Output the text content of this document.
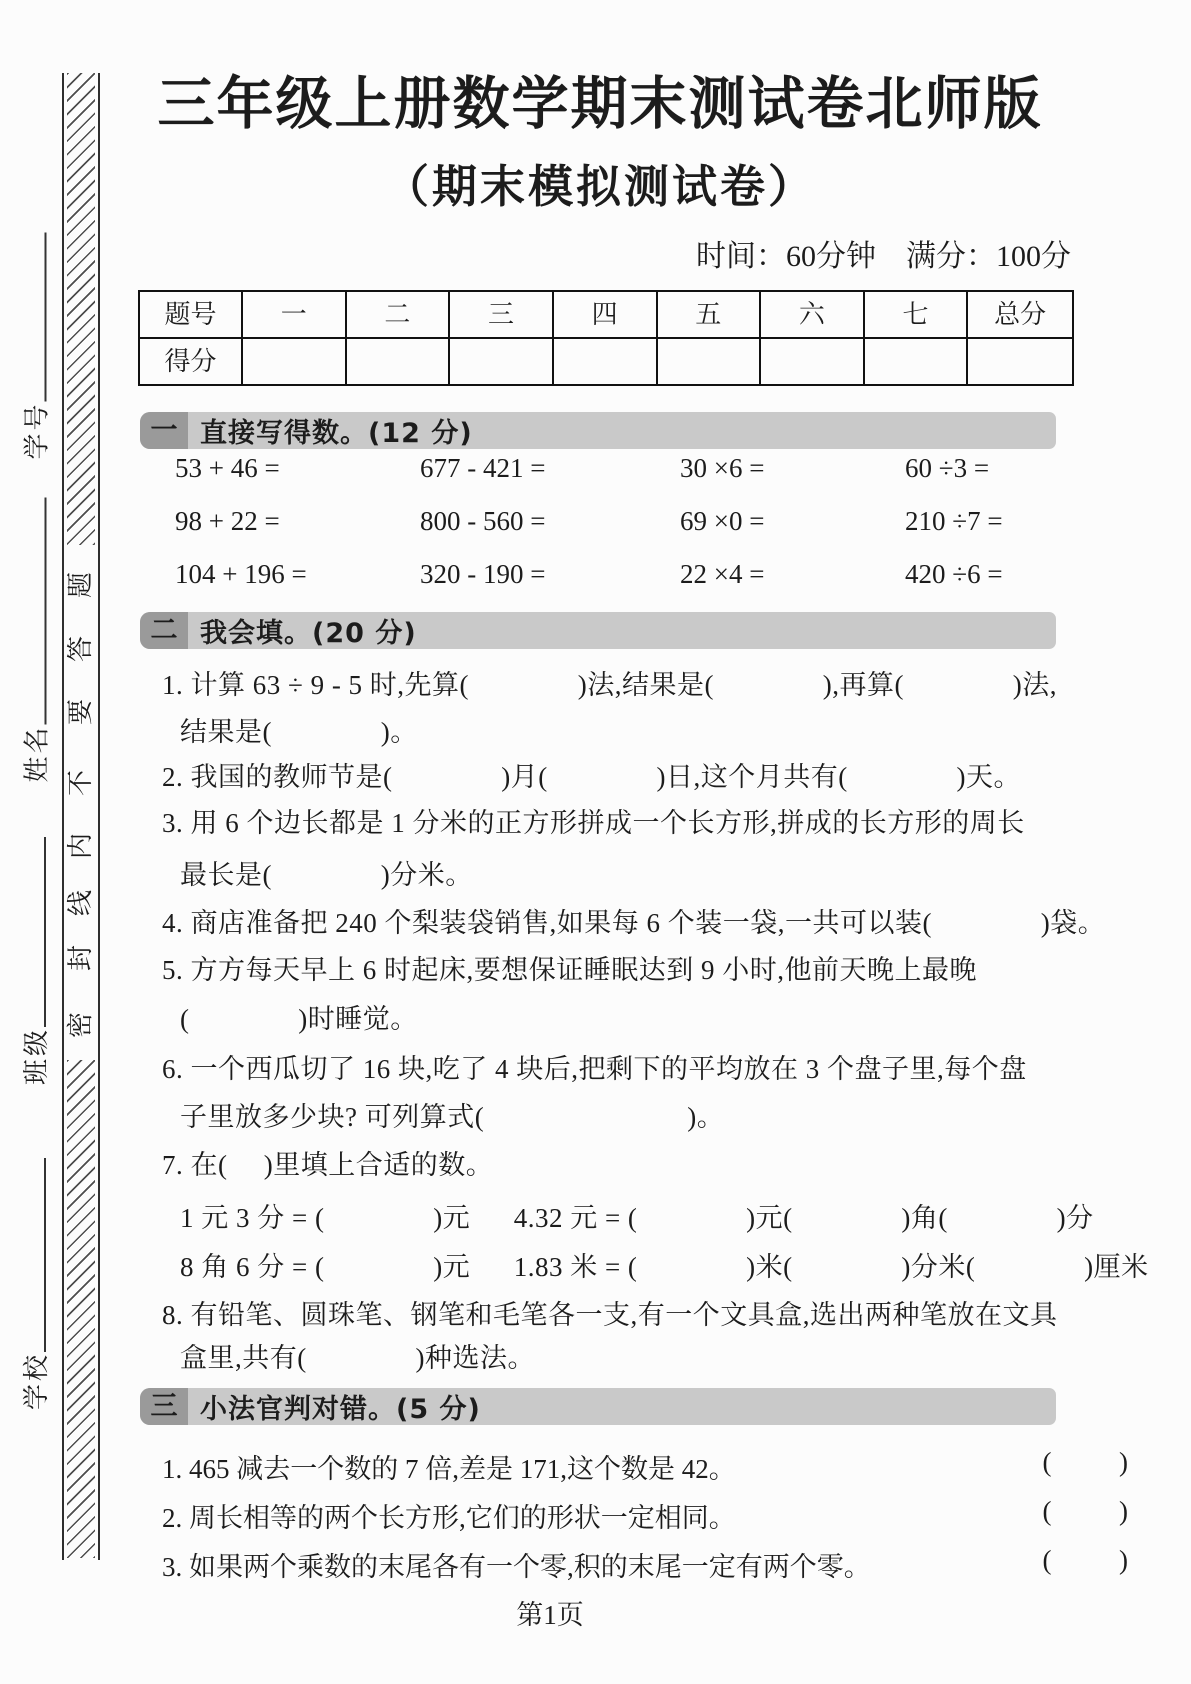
学号
姓名
班级
学校
题
答
要
不
内
线
封
密
三年级上册数学期末测试卷北师版
（期末模拟测试卷）
时间：60分钟　满分：100分
题号	一	二	三	四	五	六	七	总分
得分
一 直接写得数。(12 分)
53 + 46 =	677 - 421 =	30 ×6 =	60 ÷3 =
98 + 22 =	800 - 560 =	69 ×0 =	210 ÷7 =
104 + 196 =	320 - 190 =	22 ×4 =	420 ÷6 =
二 我会填。(20 分)
1. 计算 63 ÷ 9 - 5 时,先算(               )法,结果是(               ),再算(               )法,
结果是(               )。
2. 我国的教师节是(               )月(               )日,这个月共有(               )天。
3. 用 6 个边长都是 1 分米的正方形拼成一个长方形,拼成的长方形的周长
最长是(               )分米。
4. 商店准备把 240 个梨装袋销售,如果每 6 个装一袋,一共可以装(               )袋。
5. 方方每天早上 6 时起床,要想保证睡眠达到 9 小时,他前天晚上最晚
(               )时睡觉。
6. 一个西瓜切了 16 块,吃了 4 块后,把剩下的平均放在 3 个盘子里,每个盘
子里放多少块? 可列算式(                            )。
7. 在(     )里填上合适的数。
1 元 3 分 = (               )元      4.32 元 = (               )元(               )角(               )分
8 角 6 分 = (               )元      1.83 米 = (               )米(               )分米(               )厘米
8. 有铅笔、圆珠笔、钢笔和毛笔各一支,有一个文具盒,选出两种笔放在文具
盒里,共有(               )种选法。
三 小法官判对错。(5 分)
1. 465 减去一个数的 7 倍,差是 171,这个数是 42。	(          )
2. 周长相等的两个长方形,它们的形状一定相同。	(          )
3. 如果两个乘数的末尾各有一个零,积的末尾一定有两个零。	(          )
第1页
